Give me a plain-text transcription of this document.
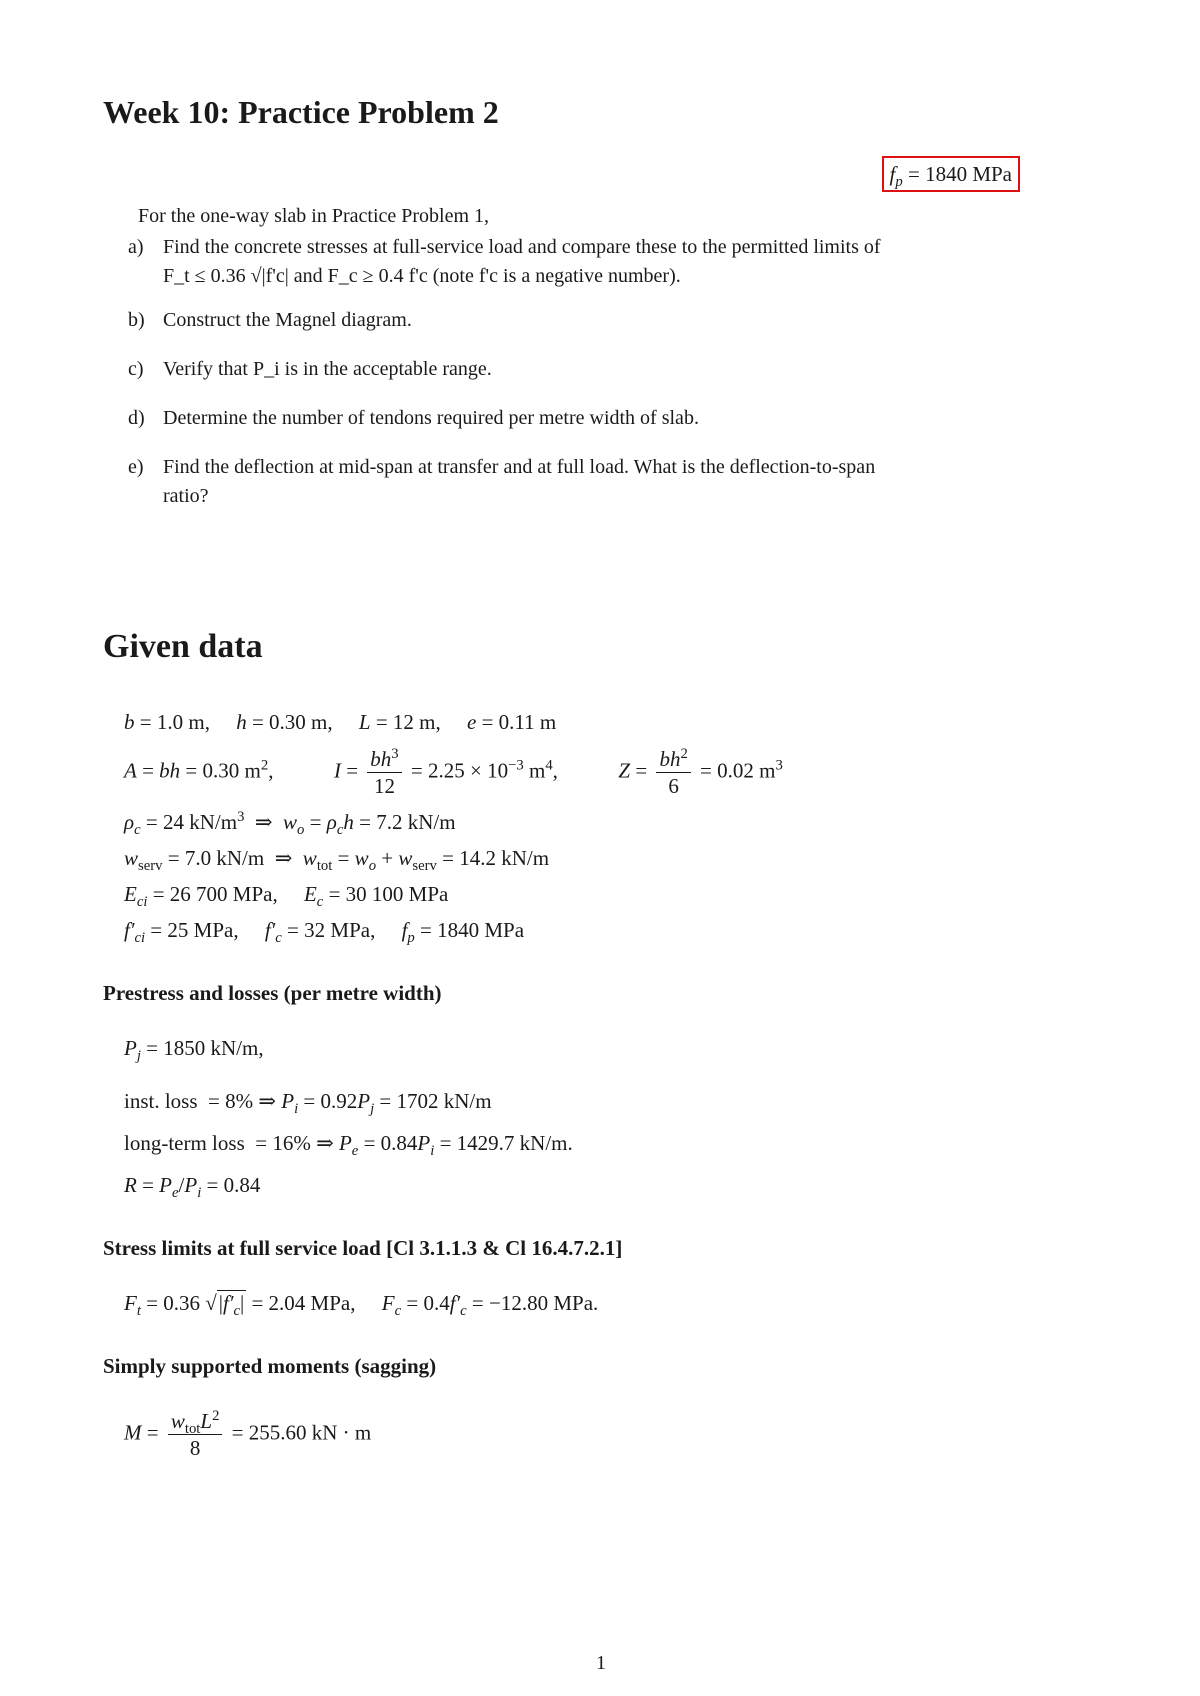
Week 10: Practice Problem 2
$f_p = 1840$ MPa
For the one-way slab in Practice Problem 1,
a) Find the concrete stresses at full-service load and compare these to the permitted limits of
F_t ≤ 0.36 √|f'c| and F_c ≥ 0.4 f'c (note f'c is a negative number).
b) Construct the Magnel diagram.
c) Verify that P_i is in the acceptable range.
d) Determine the number of tendons required per metre width of slab.
e) Find the deflection at mid-span at transfer and at full load. What is the deflection-to-span
ratio?
Given data
b = 1.0 m,     h = 0.30 m,     L = 12 m,     e = 0.11 m
A = bh = 0.30 $m^2$,	$I = \frac{bh^3}{12} = 2.25 \times 10^{-3}$ $m^4$,	$Z = \frac{bh^2}{6} = 0.02$ $m^3$
$\rho_c = 24$ $kN/m^3$  ⇒  $w_o = \rho_ch = 7.2$ kN/m
$w_{serv} = 7.0$ kN/m  ⇒  $w_{tot} = w_o + w_{serv} = 14.2$ kN/m
$E_{ci} = 26$ 700 MPa,     $E_c = 30$ 100 MPa
$f'_{ci} = 25$ MPa,     $f'_c = 32$ MPa,     $f_p = 1840$ MPa
Prestress and losses (per metre width)
$P_j = 1850$ kN/m,
inst. loss  = 8% ⇒ $P_i = 0.92P_j = 1702$ kN/m
long-term loss  = 16% ⇒ $P_e = 0.84P_i = 1429.7$ kN/m.
$R = P_e/P_i = 0.84$
Stress limits at full service load [Cl 3.1.1.3 & Cl 16.4.7.2.1]
$F_t = 0.36$ $√|f'_c| = 2.04$ MPa, $F_c = 0.4f'_c = -12.80$ MPa.
Simply supported moments (sagging)
$M = \frac{w_{tot}L^2}{8} = 255.60$ kN · m
1
